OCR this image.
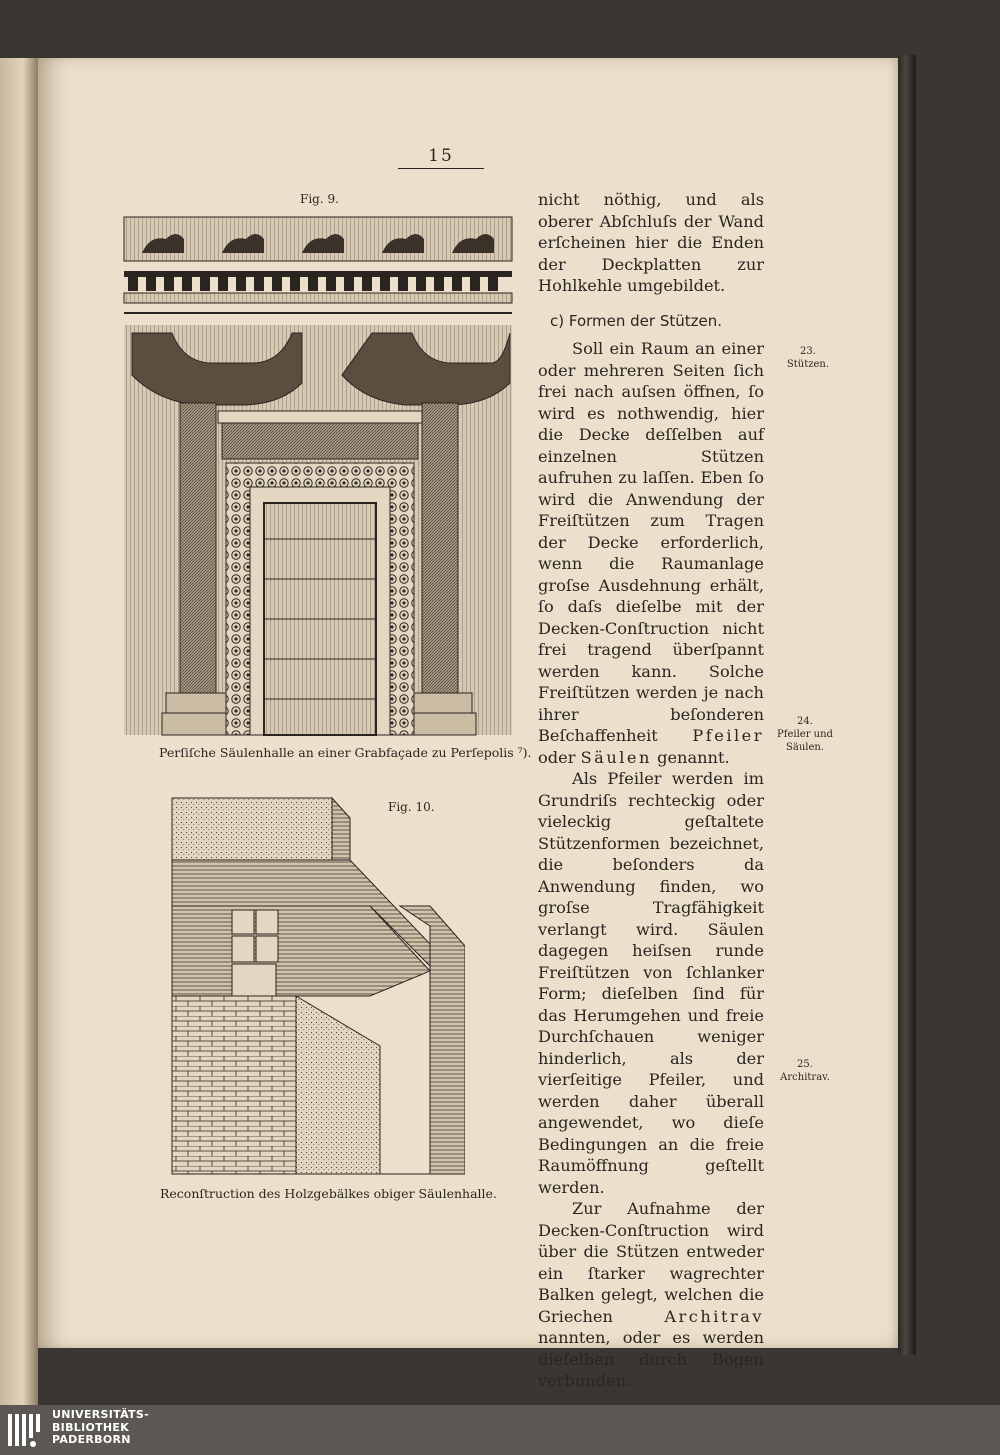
15
Fig. 9.
Perſiſche Säulenhalle an einer Grabfaçade zu Perſepolis ⁷).
Fig. 10.
Reconſtruction des Holzgebälkes obiger Säulenhalle.

nicht nöthig, und als oberer Abſchluſs der Wand erſcheinen hier die Enden der Deckplatten zur Hohlkehle umgebildet.

c) Formen der Stützen.

Soll ein Raum an einer oder mehreren Seiten ſich frei nach auſsen öffnen, ſo wird es nothwendig, hier die Decke deſſelben auf einzelnen Stützen aufruhen zu laſſen. Eben ſo wird die Anwendung der Freiſtützen zum Tragen der Decke erforderlich, wenn die Raumanlage groſse Ausdehnung erhält, ſo daſs dieſelbe mit der Decken-Conſtruction nicht frei tragend überſpannt werden kann. Solche Freiſtützen werden je nach ihrer beſonderen Beſchaffenheit Pfeiler oder Säulen genannt.

Als Pfeiler werden im Grundriſs rechteckig oder vieleckig geſtaltete Stützenformen bezeichnet, die beſonders da Anwendung finden, wo groſse Tragfähigkeit verlangt wird. Säulen dagegen heiſsen runde Freiſtützen von ſchlanker Form; dieſelben ſind für das Herumgehen und freie Durchſchauen weniger hinderlich, als der vierſeitige Pfeiler, und werden daher überall angewendet, wo dieſe Bedingungen an die freie Raumöffnung geſtellt werden.

Zur Aufnahme der Decken-Conſtruction wird über die Stützen entweder ein ſtarker wagrechter Balken gelegt, welchen die Griechen	Architrav nannten, oder es werden dieſelben durch Bogen verbunden.

23.
Stützen.
24.
Pfeiler und Säulen.
25.
Architrav.
UNIVERSITÄTS-
BIBLIOTHEK
PADERBORN
